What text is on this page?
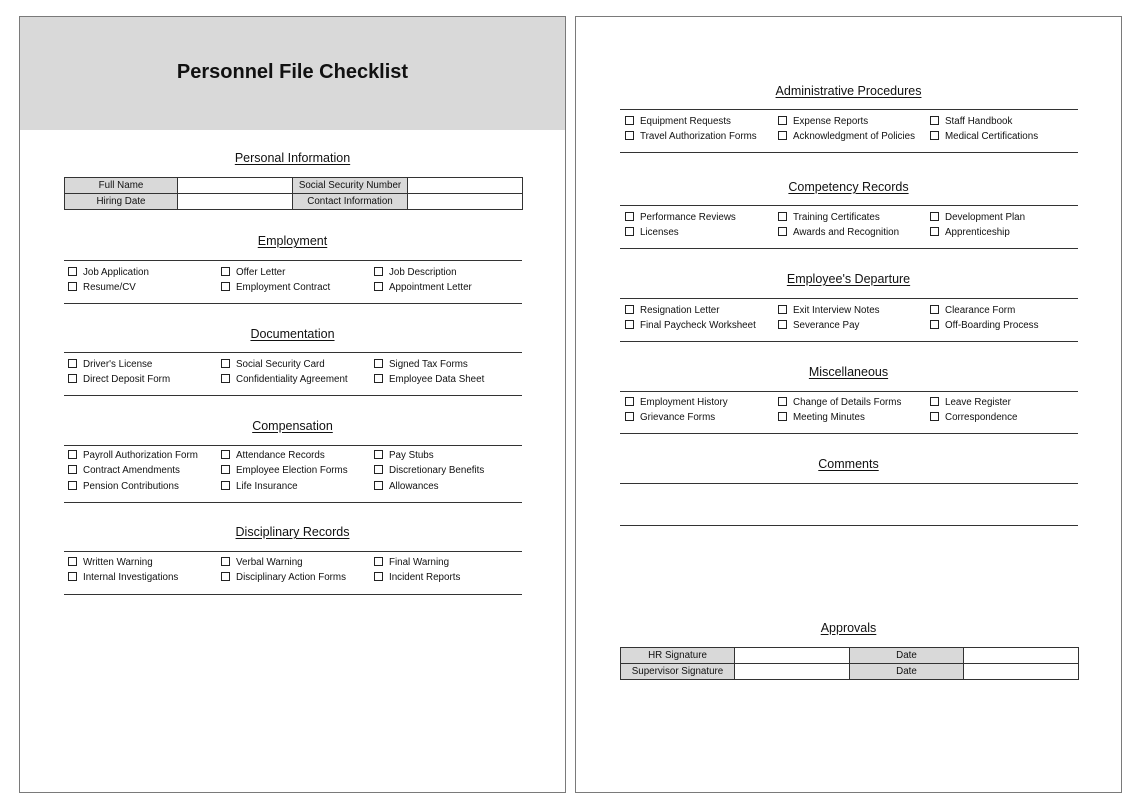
Personnel File Checklist
Personal Information
Full Name		Social Security Number	
Hiring Date		Contact Information	
Employment
Job Application	Offer Letter	Job Description
Resume/CV	Employment Contract	Appointment Letter
Documentation
Driver's License	Social Security Card	Signed Tax Forms
Direct Deposit Form	Confidentiality Agreement	Employee Data Sheet
Compensation
Payroll Authorization Form	Attendance Records	Pay Stubs
Contract Amendments	Employee Election Forms	Discretionary Benefits
Pension Contributions	Life Insurance	Allowances
Disciplinary Records
Written Warning	Verbal Warning	Final Warning
Internal Investigations	Disciplinary Action Forms	Incident Reports
Administrative Procedures
Equipment Requests	Expense Reports	Staff Handbook
Travel Authorization Forms	Acknowledgment of Policies	Medical Certifications
Competency Records
Performance Reviews	Training Certificates	Development Plan
Licenses	Awards and Recognition	Apprenticeship
Employee's Departure
Resignation Letter	Exit Interview Notes	Clearance Form
Final Paycheck Worksheet	Severance Pay	Off-Boarding Process
Miscellaneous
Employment History	Change of Details Forms	Leave Register
Grievance Forms	Meeting Minutes	Correspondence
Comments
Approvals
HR Signature		Date	
Supervisor Signature		Date	
